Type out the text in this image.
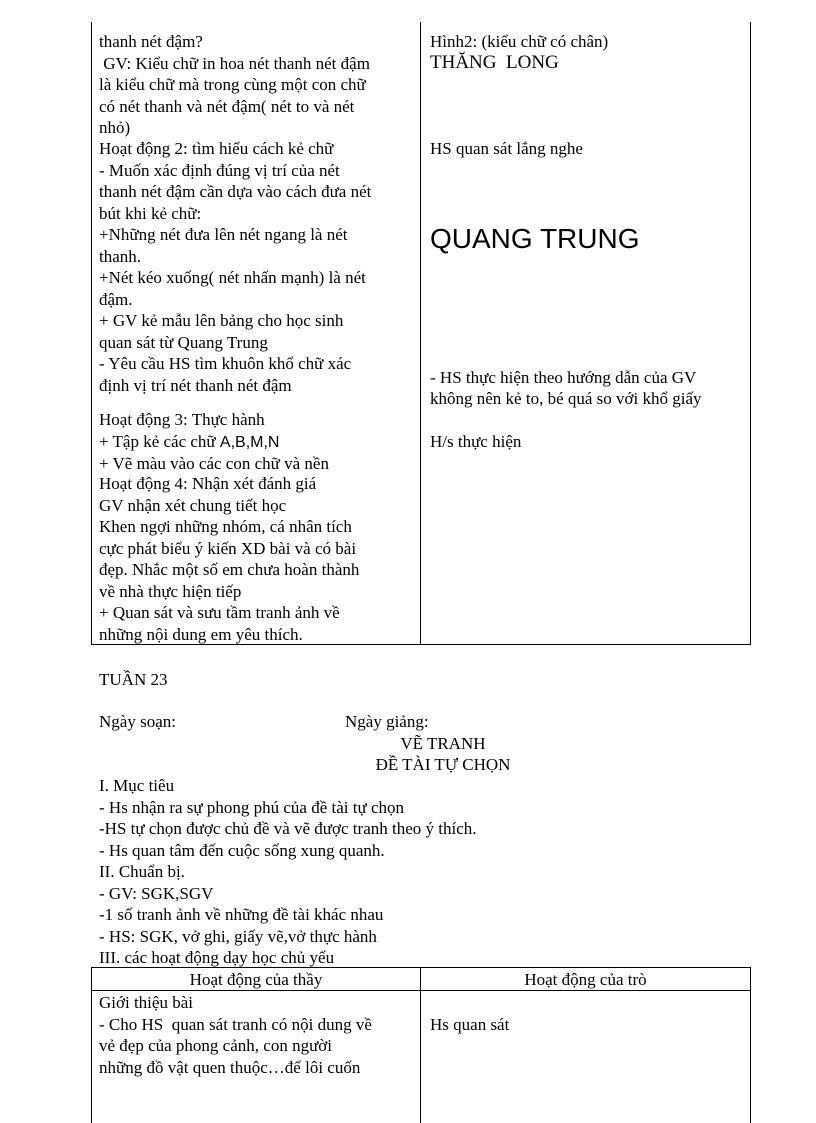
thanh nét đậm?
GV: Kiểu chữ in hoa nét thanh nét đậm
là kiểu chữ mà trong cùng một con chữ
có nét thanh và nét đậm( nét to và nét
nhỏ)
Hoạt động 2: tìm hiểu cách kẻ chữ
- Muốn xác định đúng vị trí của nét
thanh nét đậm cần dựa vào cách đưa nét
bút khi kẻ chữ:
+Những nét đưa lên nét ngang là nét
thanh.
+Nét kéo xuống( nét nhấn mạnh) là nét
đậm.
+ GV kẻ mẫu lên bảng cho học sinh
quan sát từ Quang Trung
- Yêu cầu HS tìm khuôn khổ chữ xác
định vị trí nét thanh nét đậm
Hoạt động 3: Thực hành
+ Tập kẻ các chữ A,B,M,N
+ Vẽ màu vào các con chữ và nền
Hoạt động 4: Nhận xét đánh giá
GV nhận xét chung tiết học
Khen ngợi những nhóm, cá nhân tích
cực phát biểu ý kiến XD bài và có bài
đẹp. Nhắc một số em chưa hoàn thành
về nhà thực hiện tiếp
+ Quan sát và sưu tầm tranh ảnh về
những nội dung em yêu thích.
Hình2: (kiểu chữ có chân)
THĂNG  LONG
HS quan sát lắng nghe
QUANG TRUNG
- HS thực hiện theo hướng dẫn của GV
không nên kẻ to, bé quá so với khổ giấy
H/s thực hiện
TUẦN 23
Ngày soạn:	Ngày giảng:
VẼ TRANH
ĐỀ TÀI TỰ CHỌN
I. Mục tiêu
- Hs nhận ra sự phong phú của đề tài tự chọn
-HS tự chọn được chủ đề và vẽ được tranh theo ý thích.
- Hs quan tâm đến cuộc sống xung quanh.
II. Chuẩn bị.
- GV: SGK,SGV
-1 số tranh ảnh về những đề tài khác nhau
- HS: SGK, vở ghi, giấy vẽ,vở thực hành
III. các hoạt động dạy học chủ yếu
Hoạt động của thầy	Hoạt động của trò
Giới thiệu bài
- Cho HS  quan sát tranh có nội dung về
vẻ đẹp của phong cảnh, con người
những đồ vật quen thuộc…để lôi cuốn
Hs quan sát
